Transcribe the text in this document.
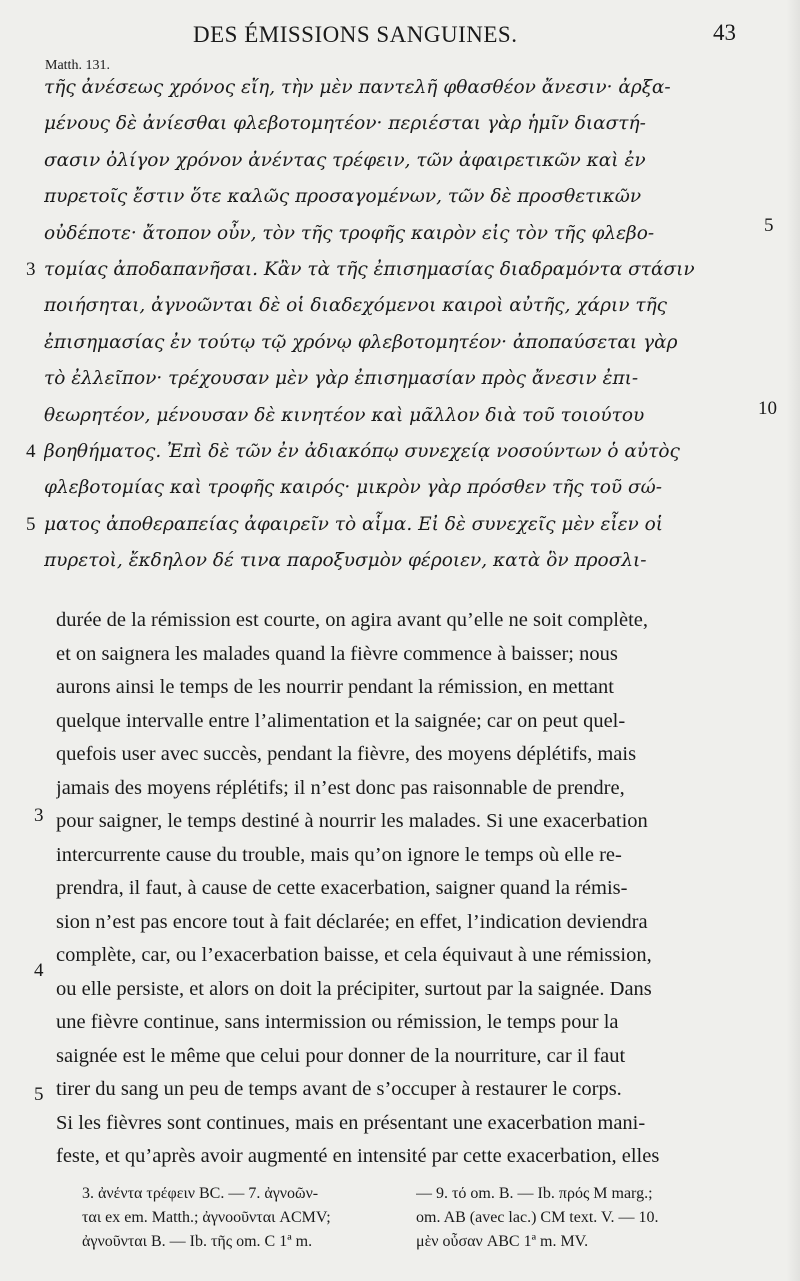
DES ÉMISSIONS SANGUINES.	43
Matth. 131.
τῆς ἀνέσεως χρόνος εἴη, τὴν μὲν παντελῆ φθασθέον ἄνεσιν· ἀρξα-
μένους δὲ ἀνίεσθαι φλεβοτομητέον· περιέσται γὰρ ἡμῖν διαστή-
σασιν ὀλίγον χρόνον ἀνέντας τρέφειν, τῶν ἀφαιρετικῶν καὶ ἐν
πυρετοῖς ἔστιν ὅτε καλῶς προσαγομένων, τῶν δὲ προσθετικῶν
οὐδέποτε· ἄτοπον οὖν, τὸν τῆς τροφῆς καιρὸν εἰς τὸν τῆς φλεβο-
τομίας ἀποδαπανῆσαι. Κἂν τὰ τῆς ἐπισημασίας διαδραμόντα στάσιν
ποιήσηται, ἀγνοῶνται δὲ οἱ διαδεχόμενοι καιροὶ αὐτῆς, χάριν τῆς
ἐπισημασίας ἐν τούτῳ τῷ χρόνῳ φλεβοτομητέον· ἀποπαύσεται γὰρ
τὸ ἐλλεῖπον· τρέχουσαν μὲν γὰρ ἐπισημασίαν πρὸς ἄνεσιν ἐπι-
θεωρητέον, μένουσαν δὲ κινητέον καὶ μᾶλλον διὰ τοῦ τοιούτου
βοηθήματος. Ἐπὶ δὲ τῶν ἐν ἀδιακόπῳ συνεχείᾳ νοσούντων ὁ αὐτὸς
φλεβοτομίας καὶ τροφῆς καιρός· μικρὸν γὰρ πρόσθεν τῆς τοῦ σώ-
ματος ἀποθεραπείας ἀφαιρεῖν τὸ αἷμα. Εἰ δὲ συνεχεῖς μὲν εἶεν οἱ
πυρετοὶ, ἔκδηλον δέ τινα παροξυσμὸν φέροιεν, κατὰ ὃν προσλι-
3
4
5
5
10
durée de la rémission est courte, on agira avant qu’elle ne soit complète,
et on saignera les malades quand la fièvre commence à baisser; nous
aurons ainsi le temps de les nourrir pendant la rémission, en mettant
quelque intervalle entre l’alimentation et la saignée; car on peut quel-
quefois user avec succès, pendant la fièvre, des moyens déplétifs, mais
jamais des moyens réplétifs; il n’est donc pas raisonnable de prendre,
pour saigner, le temps destiné à nourrir les malades. Si une exacerbation
intercurrente cause du trouble, mais qu’on ignore le temps où elle re-
prendra, il faut, à cause de cette exacerbation, saigner quand la rémis-
sion n’est pas encore tout à fait déclarée; en effet, l’indication deviendra
complète, car, ou l’exacerbation baisse, et cela équivaut à une rémission,
ou elle persiste, et alors on doit la précipiter, surtout par la saignée. Dans
une fièvre continue, sans intermission ou rémission, le temps pour la
saignée est le même que celui pour donner de la nourriture, car il faut
tirer du sang un peu de temps avant de s’occuper à restaurer le corps.
Si les fièvres sont continues, mais en présentant une exacerbation mani-
feste, et qu’après avoir augmenté en intensité par cette exacerbation, elles
3
4
5
3. ἀνέντα τρέφειν BC. — 7. ἀγνοῶν-
ται ex em. Matth.; ἀγνοοῦνται ACMV;
ἀγνοῦνται B. — Ib. τῆς om. C 1ª m.
— 9. τό om. B. — Ib. πρός M marg.;
om. AB (avec lac.) CM text. V. — 10.
μὲν οὖσαν ABC 1ª m. MV.
